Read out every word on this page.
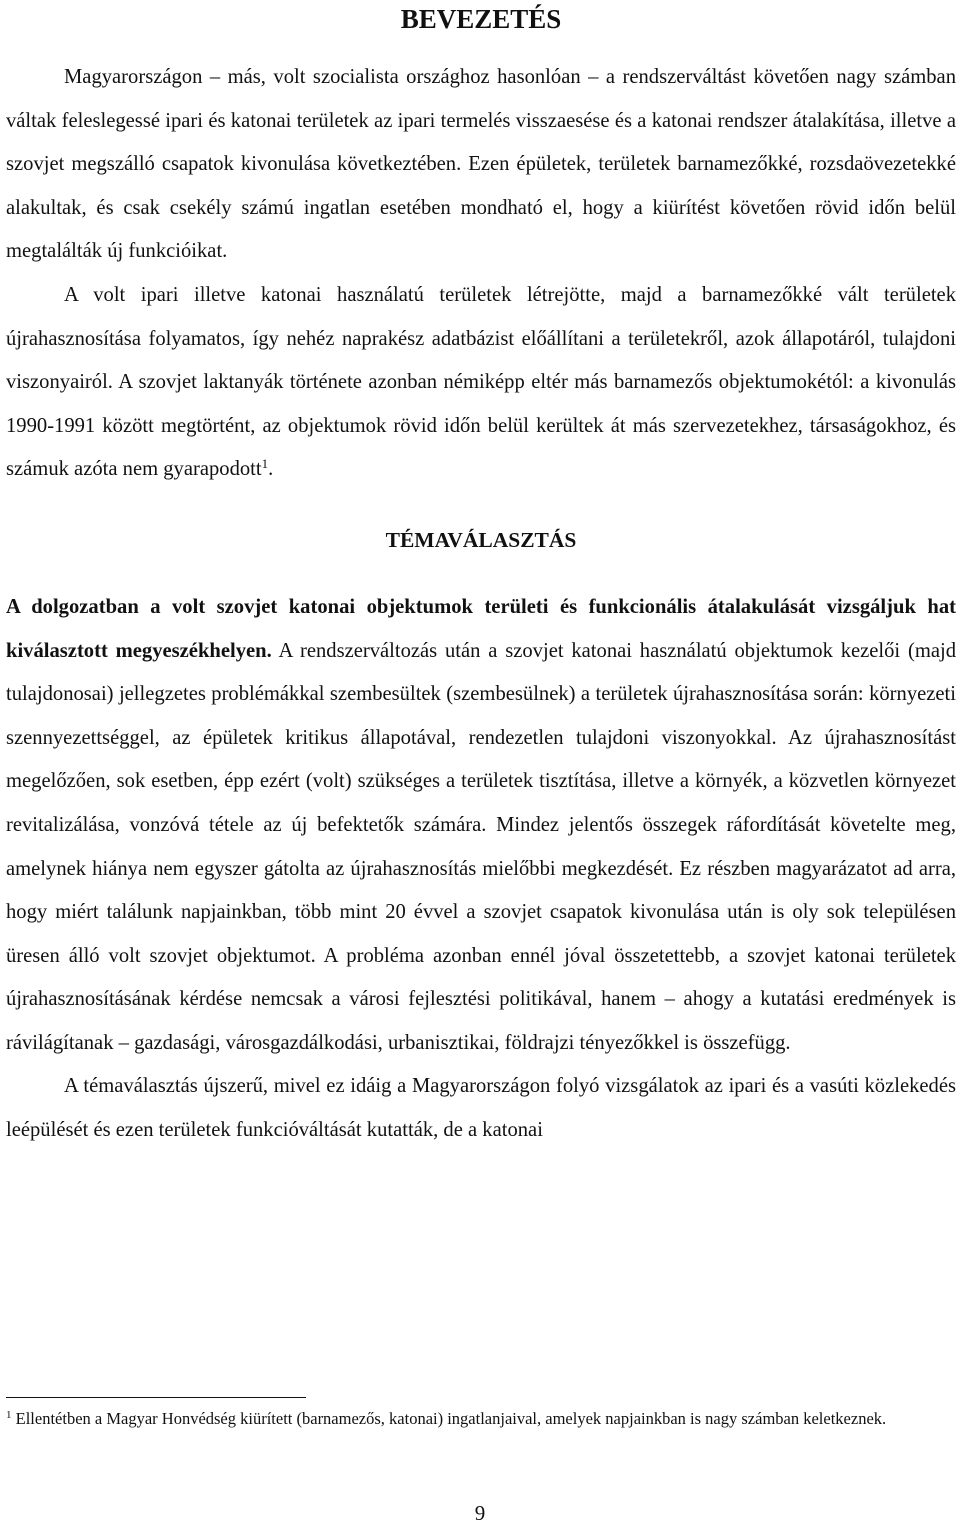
BEVEZETÉS

Magyarországon – más, volt szocialista országhoz hasonlóan – a rendszerváltást követően nagy számban váltak feleslegessé ipari és katonai területek az ipari termelés visszaesése és a katonai rendszer átalakítása, illetve a szovjet megszálló csapatok kivonulása következtében. Ezen épületek, területek barnamezőkké, rozsdaövezetekké alakultak, és csak csekély számú ingatlan esetében mondható el, hogy a kiürítést követően rövid időn belül megtalálták új funkcióikat.

A volt ipari illetve katonai használatú területek létrejötte, majd a barnamezőkké vált területek újrahasznosítása folyamatos, így nehéz naprakész adatbázist előállítani a területekről, azok állapotáról, tulajdoni viszonyairól. A szovjet laktanyák története azonban némiképp eltér más barnamezős objektumokétól: a kivonulás 1990-1991 között megtörtént, az objektumok rövid időn belül kerültek át más szervezetekhez, társaságokhoz, és számuk azóta nem gyarapodott$^1$.

TÉMAVÁLASZTÁS

A dolgozatban a volt szovjet katonai objektumok területi és funkcionális átalakulását vizsgáljuk hat kiválasztott megyeszékhelyen. A rendszerváltozás után a szovjet katonai használatú objektumok kezelői (majd tulajdonosai) jellegzetes problémákkal szembesültek (szembesülnek) a területek újrahasznosítása során: környezeti szennyezettséggel, az épületek kritikus állapotával, rendezetlen tulajdoni viszonyokkal. Az újrahasznosítást megelőzően, sok esetben, épp ezért (volt) szükséges a területek tisztítása, illetve a környék, a közvetlen környezet revitalizálása, vonzóvá tétele az új befektetők számára. Mindez jelentős összegek ráfordítását követelte meg, amelynek hiánya nem egyszer gátolta az újrahasznosítás mielőbbi megkezdését. Ez részben magyarázatot ad arra, hogy miért találunk napjainkban, több mint 20 évvel a szovjet csapatok kivonulása után is oly sok településen üresen álló volt szovjet objektumot. A probléma azonban ennél jóval összetettebb, a szovjet katonai területek újrahasznosításának kérdése nemcsak a városi fejlesztési politikával, hanem – ahogy a kutatási eredmények is rávilágítanak – gazdasági, városgazdálkodási, urbanisztikai, földrajzi tényezőkkel is összefügg.

A témaválasztás újszerű, mivel ez idáig a Magyarországon folyó vizsgálatok az ipari és a vasúti közlekedés leépülését és ezen területek funkcióváltását kutatták, de a katonai

$^1$ Ellentétben a Magyar Honvédség kiürített (barnamezős, katonai) ingatlanjaival, amelyek napjainkban is nagy számban keletkeznek.
9
